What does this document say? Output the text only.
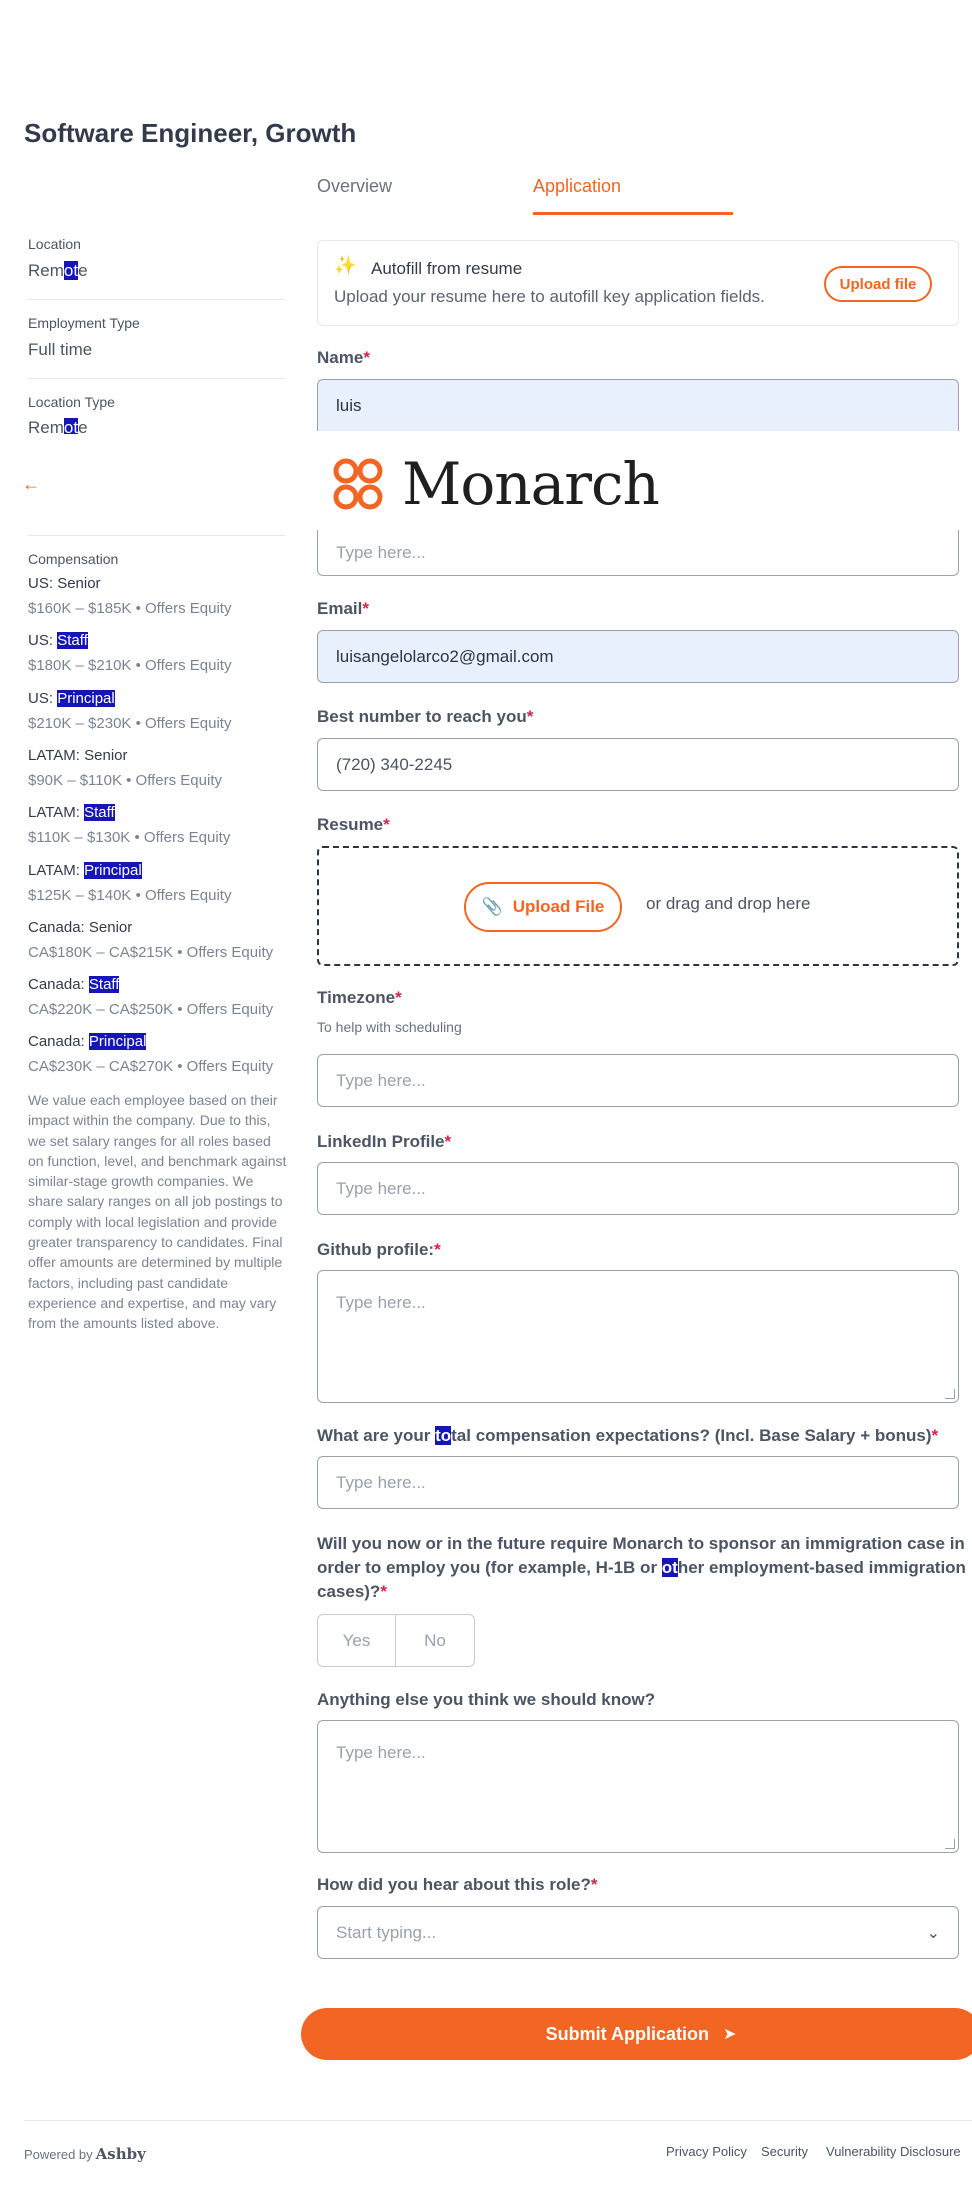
Software Engineer, Growth
Overview	Application
Location
Remote
Employment Type
Full time
Location Type
Remote
←
Compensation
US: Senior
$160K – $185K • Offers Equity
US: Staff
$180K – $210K • Offers Equity
US: Principal
$210K – $230K • Offers Equity
LATAM: Senior
$90K – $110K • Offers Equity
LATAM: Staff
$110K – $130K • Offers Equity
LATAM: Principal
$125K – $140K • Offers Equity
Canada: Senior
CA$180K – CA$215K • Offers Equity
Canada: Staff
CA$220K – CA$250K • Offers Equity
Canada: Principal
CA$230K – CA$270K • Offers Equity
We value each employee based on their impact within the company. Due to this, we set salary ranges for all roles based on function, level, and benchmark against similar-stage growth companies. We share salary ranges on all job postings to comply with local legislation and provide greater transparency to candidates. Final offer amounts are determined by multiple factors, including past candidate experience and expertise, and may vary from the amounts listed above.
Monarch
✨ Autofill from resume
Upload your resume here to autofill key application fields.
Upload file
Name*
luis
Type here...
Email*
luisangelolarco2@gmail.com
Best number to reach you*
(720) 340-2245
Resume*
📎 Upload File or drag and drop here
Timezone*
To help with scheduling
Type here...
LinkedIn Profile*
Type here...
Github profile:*
Type here...
What are your total compensation expectations? (Incl. Base Salary + bonus)*
Type here...
Will you now or in the future require Monarch to sponsor an immigration case in order to employ you (for example, H-1B or other employment-based immigration cases)?*
Yes	No
Anything else you think we should know?
Type here...
How did you hear about this role?*
Start typing...	⌄
Submit Application ➤
Powered by Ashby	Privacy Policy Security Vulnerability Disclosure
